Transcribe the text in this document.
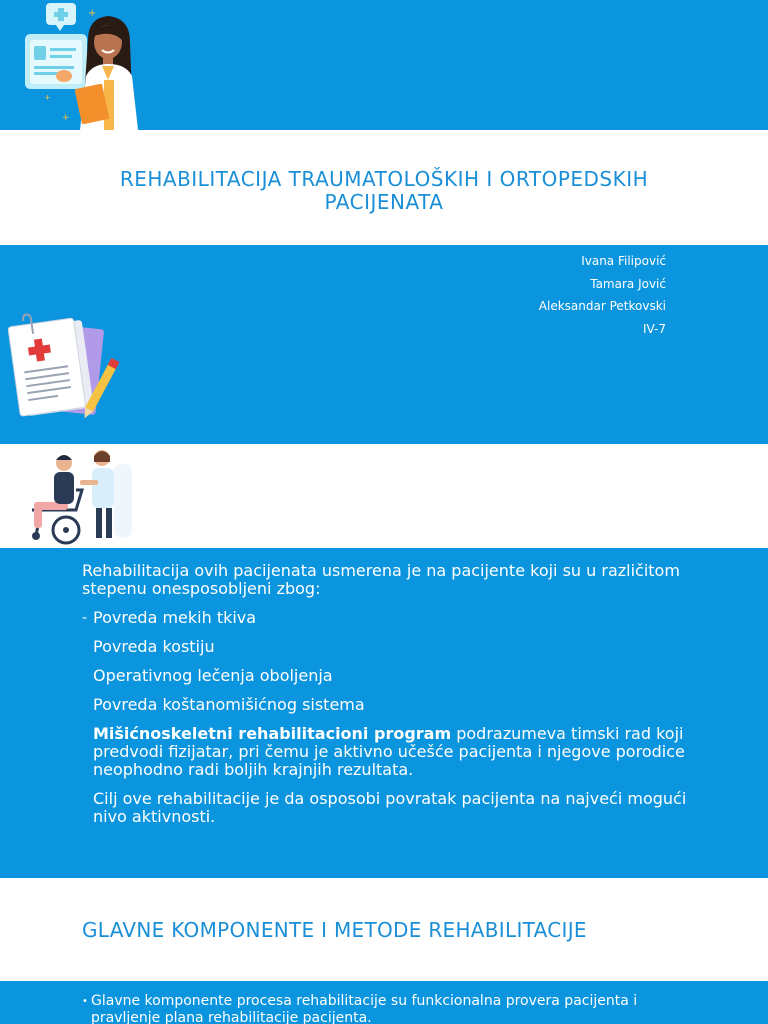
+
+
+
REHABILITACIJA TRAUMATOLOŠKIH I ORTOPEDSKIH PACIJENATA
Ivana Filipović
Tamara Jović
Aleksandar Petkovski
IV-7

Rehabilitacija ovih pacijenata usmerena je na pacijente koji su u različitom stepenu onesposobljeni zbog:

- Povreda mekih tkiva
Povreda kostiju
Operativnog lečenja oboljenja
Povreda koštanomišićnog sistema
Mišićnoskeletni rehabilitacioni program podrazumeva timski rad koji predvodi fizijatar, pri čemu je aktivno učešće pacijenta i njegove porodice neophodno radi boljih krajnjih rezultata.
Cilj ove rehabilitacije je da osposobi povratak pacijenta na najveći mogući nivo aktivnosti.
GLAVNE KOMPONENTE I METODE REHABILITACIJE
• Glavne komponente procesa rehabilitacije su funkcionalna provera pacijenta i pravljenje plana rehabilitacije pacijenta.
